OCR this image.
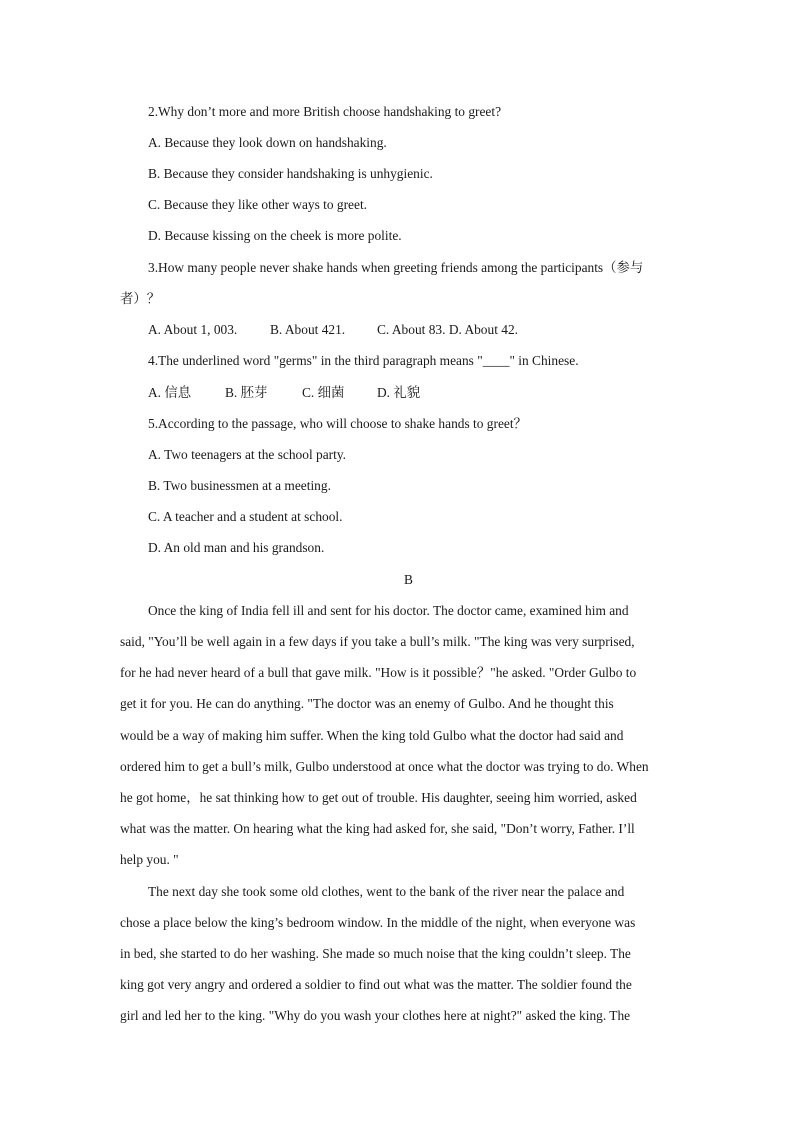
2.Why don’t more and more British choose handshaking to greet?
A. Because they look down on handshaking.
B. Because they consider handshaking is unhygienic.
C. Because they like other ways to greet.
D. Because kissing on the cheek is more polite.
3.How many people never shake hands when greeting friends among the participants（参与
者）？
A. About 1, 003. B. About 421. C. About 83. D. About 42.
4.The underlined word "germs" in the third paragraph means "____" in Chinese.
A. 信息	B. 胚芽	C. 细菌 D. 礼貌
5.According to the passage, who will choose to shake hands to greet？
A. Two teenagers at the school party.
B. Two businessmen at a meeting.
C. A teacher and a student at school.
D. An old man and his grandson.
B
Once the king of India fell ill and sent for his doctor. The doctor came, examined him and
said, "You’ll be well again in a few days if you take a bull’s milk. "The king was very surprised,
for he had never heard of a bull that gave milk. "How is it possible？"he asked. "Order Gulbo to
get it for you. He can do anything. "The doctor was an enemy of Gulbo. And he thought this
would be a way of making him suffer. When the king told Gulbo what the doctor had said and
ordered him to get a bull’s milk, Gulbo understood at once what the doctor was trying to do. When
he got home，he sat thinking how to get out of trouble. His daughter, seeing him worried, asked
what was the matter. On hearing what the king had asked for, she said, "Don’t worry, Father. I’ll
help you. "
The next day she took some old clothes, went to the bank of the river near the palace and
chose a place below the king’s bedroom window. In the middle of the night, when everyone was
in bed, she started to do her washing. She made so much noise that the king couldn’t sleep. The
king got very angry and ordered a soldier to find out what was the matter. The soldier found the
girl and led her to the king. "Why do you wash your clothes here at night?" asked the king. The
